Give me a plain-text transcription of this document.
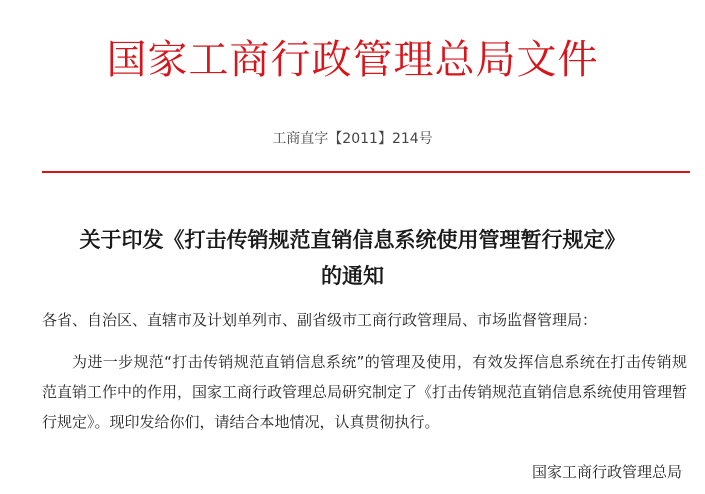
国家工商行政管理总局文件
工商直字【2011】214号
关于印发《打击传销规范直销信息系统使用管理暂行规定》
的通知
各省、自治区、直辖市及计划单列市、副省级市工商行政管理局、市场监督管理局：
为进一步规范“打击传销规范直销信息系统”的管理及使用，有效发挥信息系统在打击传销规范直销工作中的作用，国家工商行政管理总局研究制定了《打击传销规范直销信息系统使用管理暂行规定》。现印发给你们，请结合本地情况，认真贯彻执行。
国家工商行政管理总局
